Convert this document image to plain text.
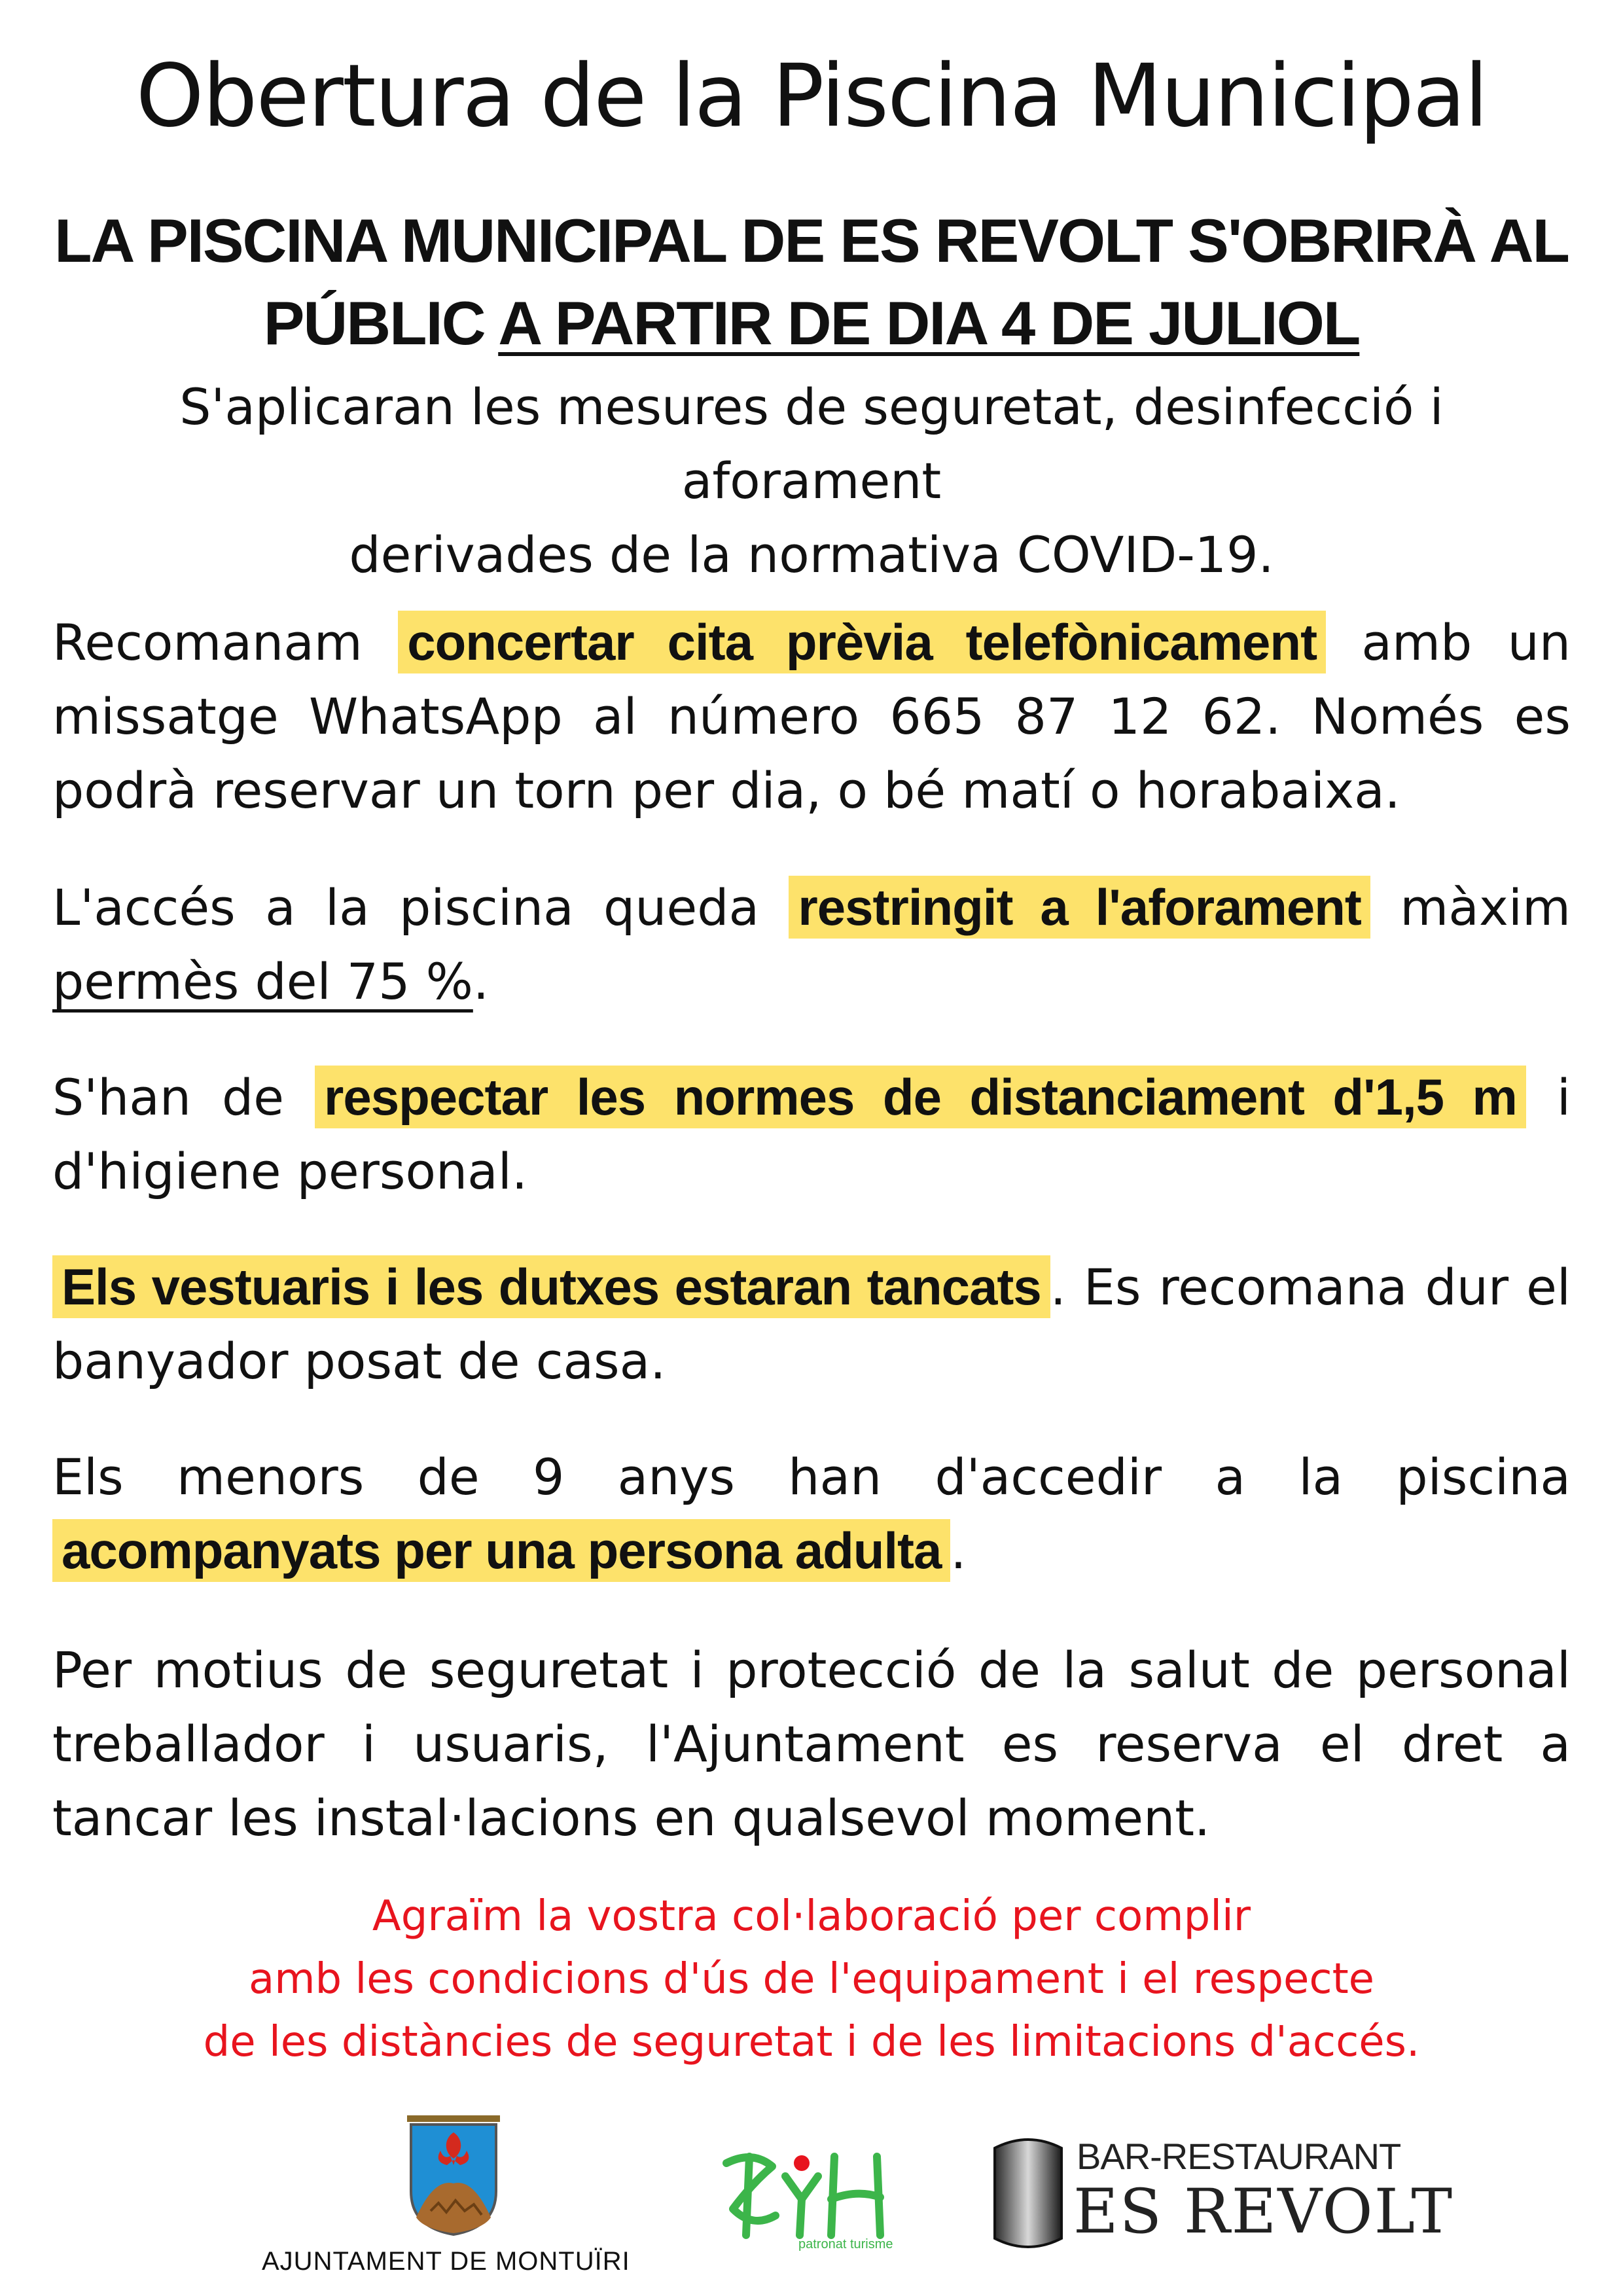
Obertura de la Piscina Municipal
LA PISCINA MUNICIPAL DE ES REVOLT S'OBRIRÀ AL
PÚBLIC A PARTIR DE DIA 4 DE JULIOL
S'aplicaran les mesures de seguretat, desinfecció i aforament
derivades de la normativa COVID-19.

Recomanam concertar cita prèvia telefònicament amb un missatge WhatsApp al número 665 87 12 62. Només es podrà reservar un torn per dia, o bé matí o horabaixa.

L'accés a la piscina queda restringit a l'aforament màxim permès del 75 %.

S'han de respectar les normes de distanciament d'1,5 m i d'higiene personal.

Els vestuaris i les dutxes estaran tancats . Es recomana dur el banyador posat de casa.

Els menors de 9 anys han d'accedir a la piscina acompanyats per una persona adulta .

Per motius de seguretat i protecció de la salut de personal treballador i usuaris, l'Ajuntament es reserva el dret a tancar les instal·lacions en qualsevol moment.

Agraïm la vostra col·laboració per complir
amb les condicions d'ús de l'equipament i el respecte
de les distàncies de seguretat i de les limitacions d'accés.
AJUNTAMENT DE MONTUÏRI
patronat turisme
BAR-RESTAURANT
ES REVOLT
